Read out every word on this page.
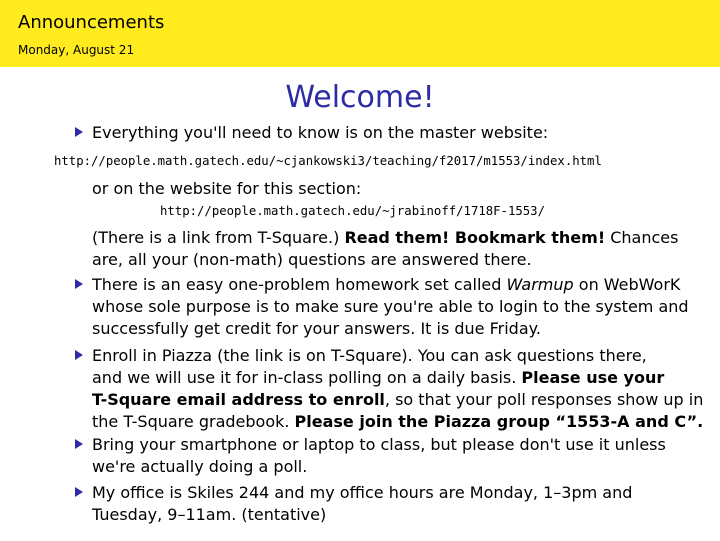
Announcements
Monday, August 21
Welcome!
Everything you'll need to know is on the master website:
http://people.math.gatech.edu/~cjankowski3/teaching/f2017/m1553/index.html
or on the website for this section:
http://people.math.gatech.edu/~jrabinoff/1718F-1553/
(There is a link from T-Square.) Read them! Bookmark them! Chances
are, all your (non-math) questions are answered there.
There is an easy one-problem homework set called Warmup on WebWorK
whose sole purpose is to make sure you're able to login to the system and
successfully get credit for your answers. It is due Friday.
Enroll in Piazza (the link is on T-Square). You can ask questions there,
and we will use it for in-class polling on a daily basis. Please use your
T-Square email address to enroll, so that your poll responses show up in
the T-Square gradebook. Please join the Piazza group “1553-A and C”.
Bring your smartphone or laptop to class, but please don't use it unless
we're actually doing a poll.
My office is Skiles 244 and my office hours are Monday, 1–3pm and
Tuesday, 9–11am. (tentative)
